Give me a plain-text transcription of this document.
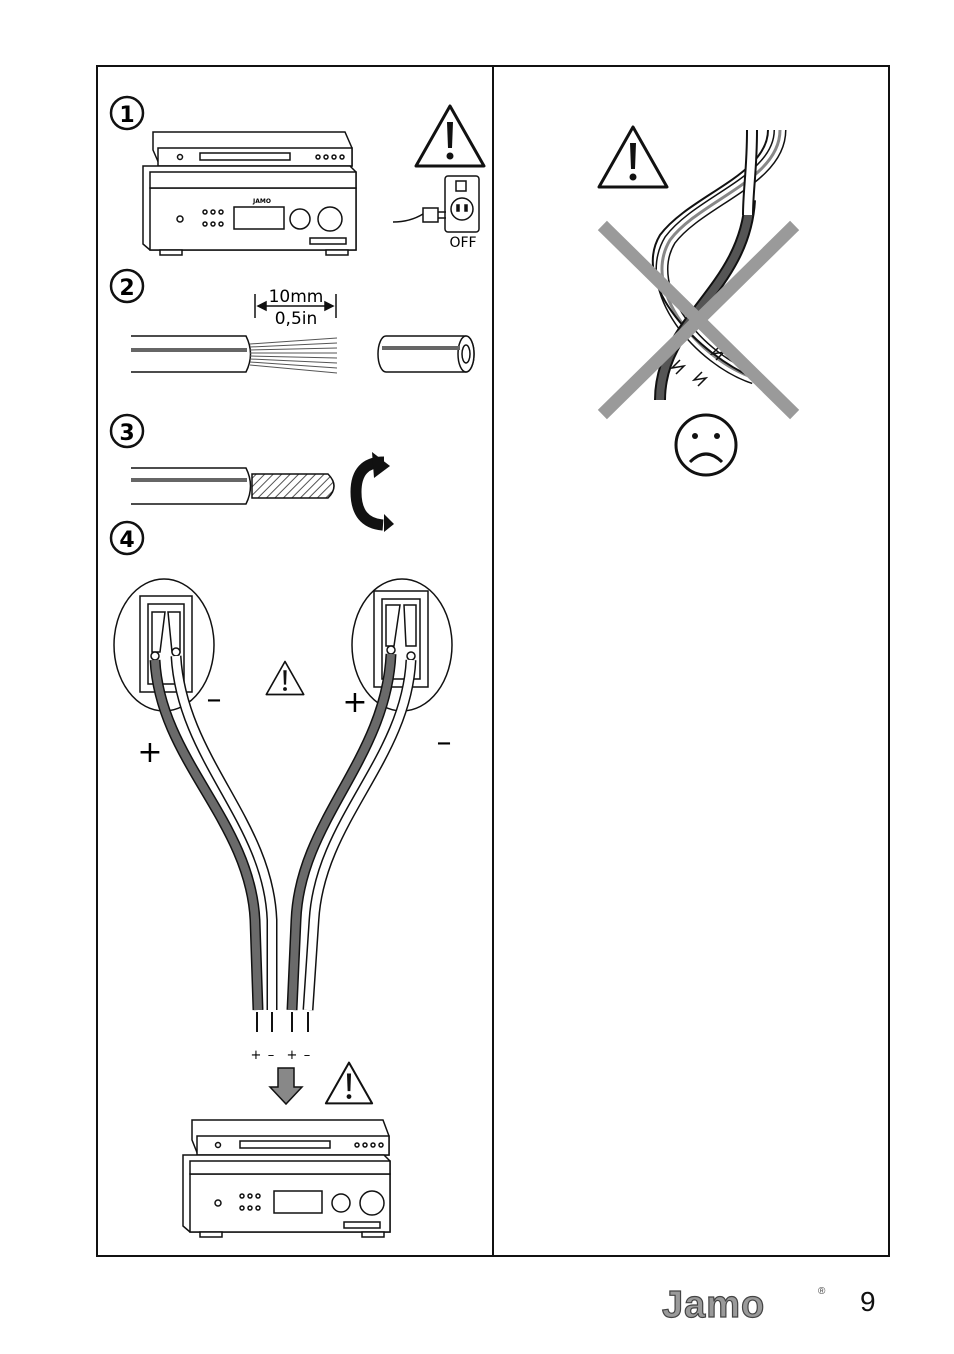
1
JAMO
OFF
2	10mm
0,5in
3
4
+
–	+
–
+ – + –
Jamo	® 9
